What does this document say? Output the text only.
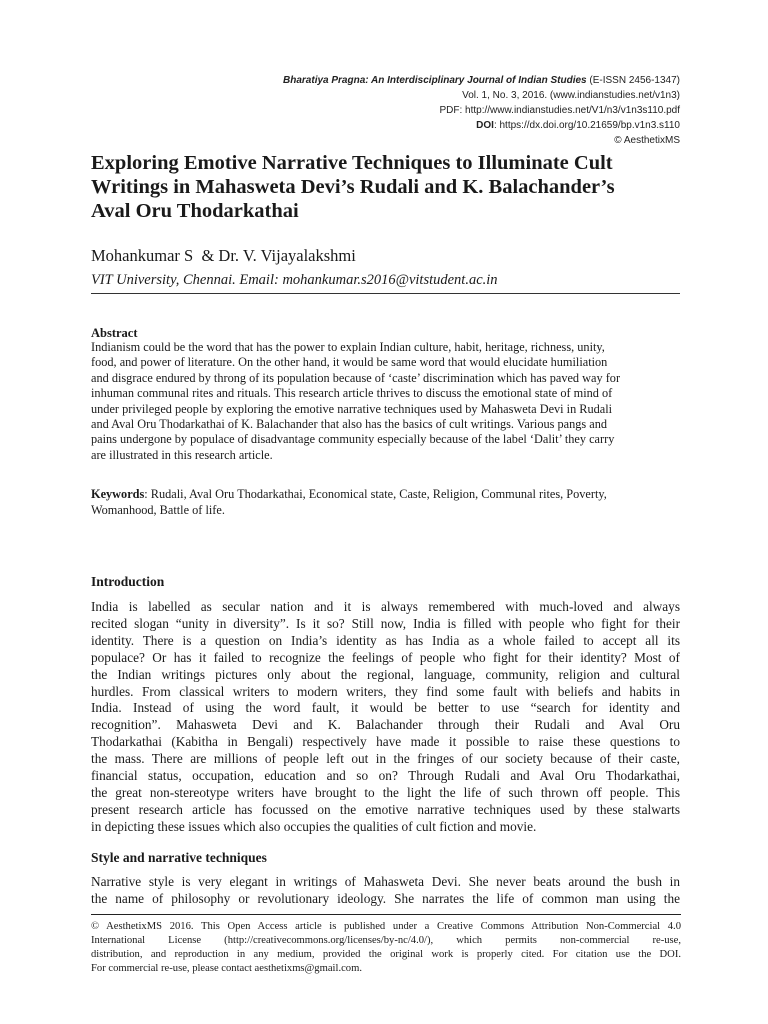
Bharatiya Pragna: An Interdisciplinary Journal of Indian Studies (E-ISSN 2456-1347)
Vol. 1, No. 3, 2016. (www.indianstudies.net/v1n3)
PDF: http://www.indianstudies.net/V1/n3/v1n3s110.pdf
DOI: https://dx.doi.org/10.21659/bp.v1n3.s110
© AesthetixMS
Exploring Emotive Narrative Techniques to Illuminate Cult
Writings in Mahasweta Devi’s Rudali and K. Balachander’s
Aval Oru Thodarkathai
Mohankumar S  & Dr. V. Vijayalakshmi
VIT University, Chennai. Email: mohankumar.s2016@vitstudent.ac.in
Abstract
Indianism could be the word that has the power to explain Indian culture, habit, heritage, richness, unity,
food, and power of literature. On the other hand, it would be same word that would elucidate humiliation
and disgrace endured by throng of its population because of ‘caste’ discrimination which has paved way for
inhuman communal rites and rituals. This research article thrives to discuss the emotional state of mind of
under privileged people by exploring the emotive narrative techniques used by Mahasweta Devi in Rudali
and Aval Oru Thodarkathai of K. Balachander that also has the basics of cult writings. Various pangs and
pains undergone by populace of disadvantage community especially because of the label ‘Dalit’ they carry
are illustrated in this research article.
Keywords: Rudali, Aval Oru Thodarkathai, Economical state, Caste, Religion, Communal rites, Poverty,
Womanhood, Battle of life.
Introduction
India is labelled as secular nation and it is always remembered with much-loved and always
recited slogan “unity in diversity”. Is it so? Still now, India is filled with people who fight for their
identity. There is a question on India’s identity as has India as a whole failed to accept all its
populace? Or has it failed to recognize the feelings of people who fight for their identity? Most of
the Indian writings pictures only about the regional, language, community, religion and cultural
hurdles. From classical writers to modern writers, they find some fault with beliefs and habits in
India. Instead of using the word fault, it would be better to use “search for identity and
recognition”. Mahasweta Devi and K. Balachander through their Rudali and Aval Oru
Thodarkathai (Kabitha in Bengali) respectively have made it possible to raise these questions to
the mass. There are millions of people left out in the fringes of our society because of their caste,
financial status, occupation, education and so on? Through Rudali and Aval Oru Thodarkathai,
the great non-stereotype writers have brought to the light the life of such thrown off people. This
present research article has focussed on the emotive narrative techniques used by these stalwarts
in depicting these issues which also occupies the qualities of cult fiction and movie.
Style and narrative techniques
Narrative style is very elegant in writings of Mahasweta Devi. She never beats around the bush in
the name of philosophy or revolutionary ideology. She narrates the life of common man using the
© AesthetixMS 2016. This Open Access article is published under a Creative Commons Attribution Non-Commercial 4.0
International License (http://creativecommons.org/licenses/by-nc/4.0/), which permits non-commercial re-use,
distribution, and reproduction in any medium, provided the original work is properly cited. For citation use the DOI.
For commercial re-use, please contact aesthetixms@gmail.com.
